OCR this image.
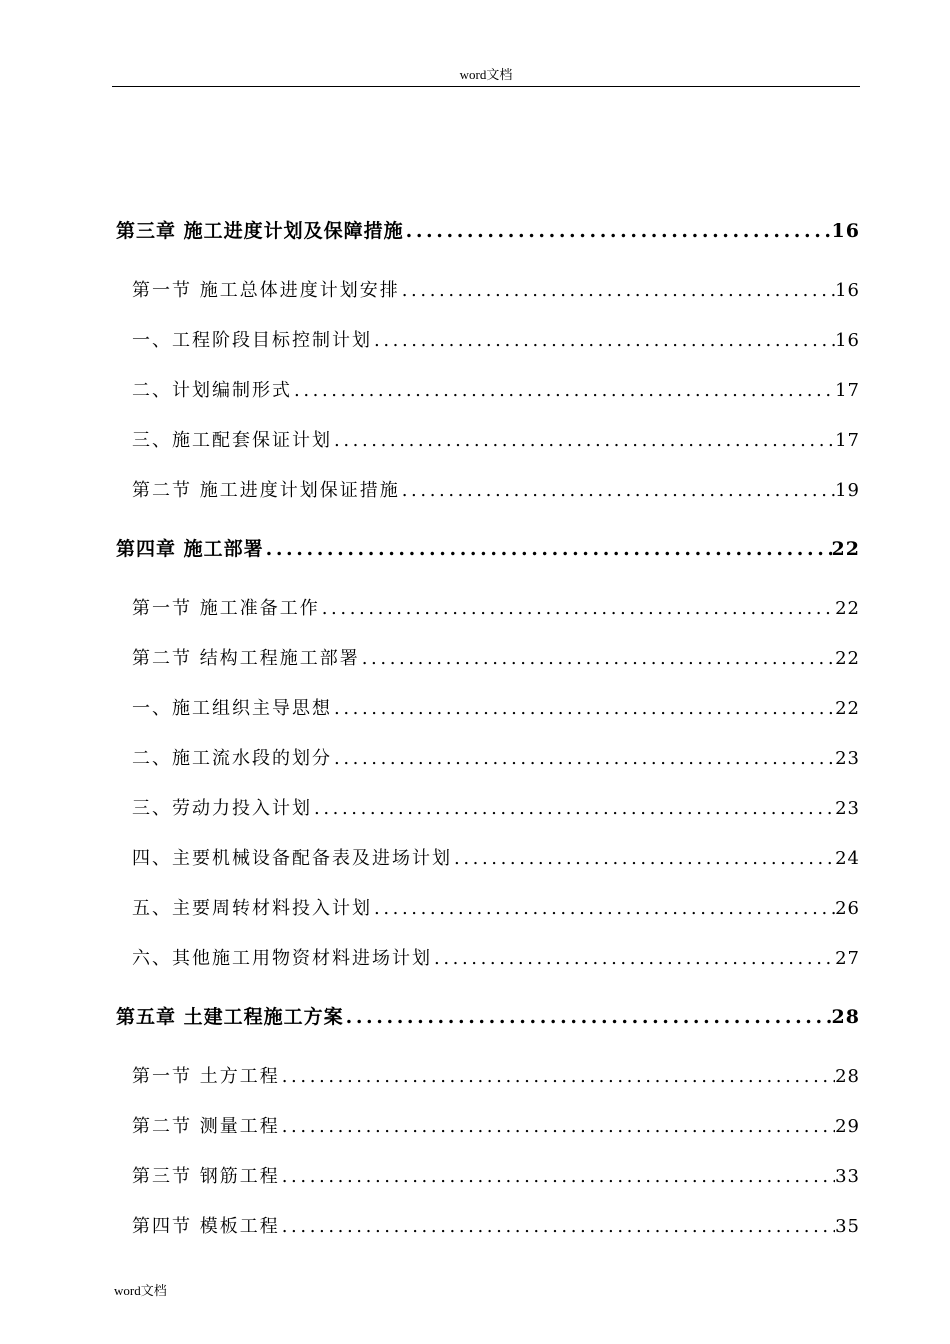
word文档
第三章 施工进度计划及保障措施 .....	16
第一节 施工总体进度计划安排 .....	16
一、工程阶段目标控制计划 .....	16
二、计划编制形式 .....	17
三、施工配套保证计划 .....	17
第二节 施工进度计划保证措施 .....	19
第四章 施工部署 .....	22
第一节 施工准备工作 .....	22
第二节 结构工程施工部署 .....	22
一、施工组织主导思想 .....	22
二、施工流水段的划分 .....	23
三、劳动力投入计划 .....	23
四、主要机械设备配备表及进场计划 .....	24
五、主要周转材料投入计划 .....	26
六、其他施工用物资材料进场计划 .....	27
第五章 土建工程施工方案 .....	28
第一节 土方工程 .....	28
第二节 测量工程 .....	29
第三节 钢筋工程 .....	33
第四节 模板工程 .....	35
word文档
